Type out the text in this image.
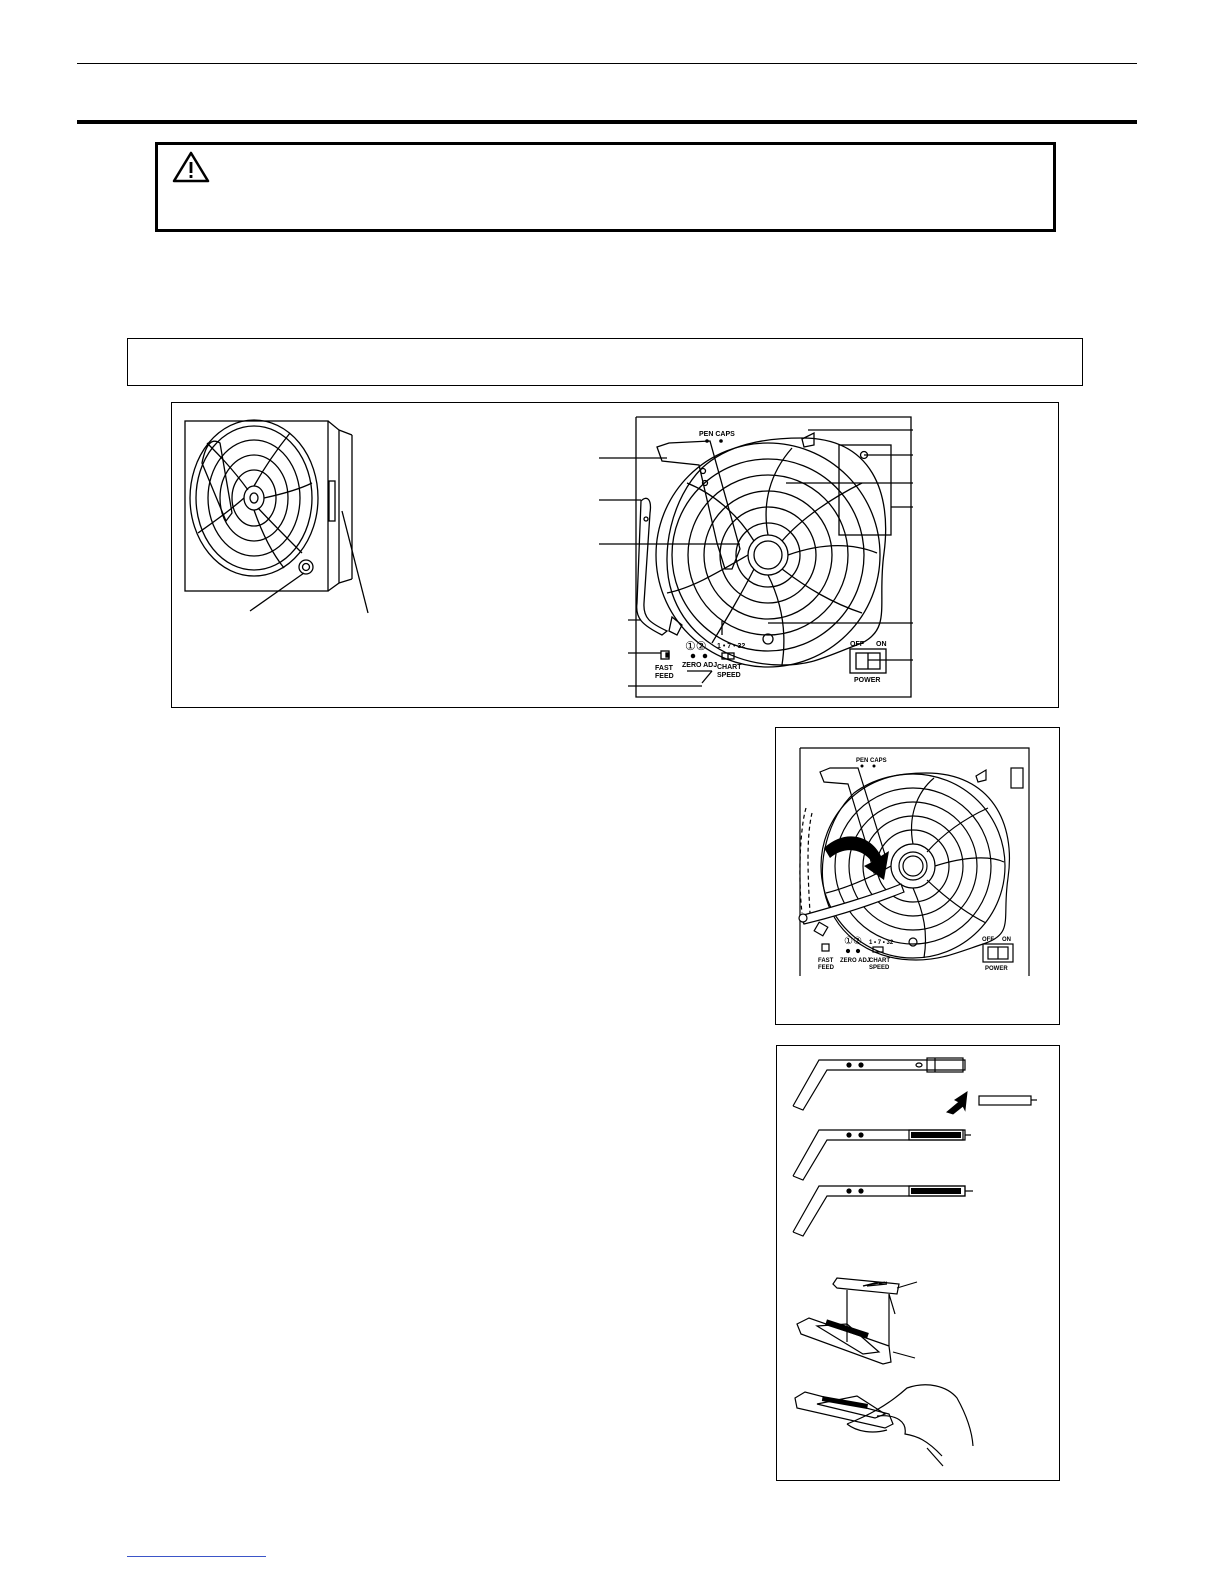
PEN CAPS
FAST
FEED
①②
ZERO ADJ
1 • 7 • 32
CHART
SPEED
OFF ON
POWER
PEN CAPS
FAST
FEED
①②
ZERO ADJ
1 • 7 • 32
CHART
SPEED
OFF ON
POWER
